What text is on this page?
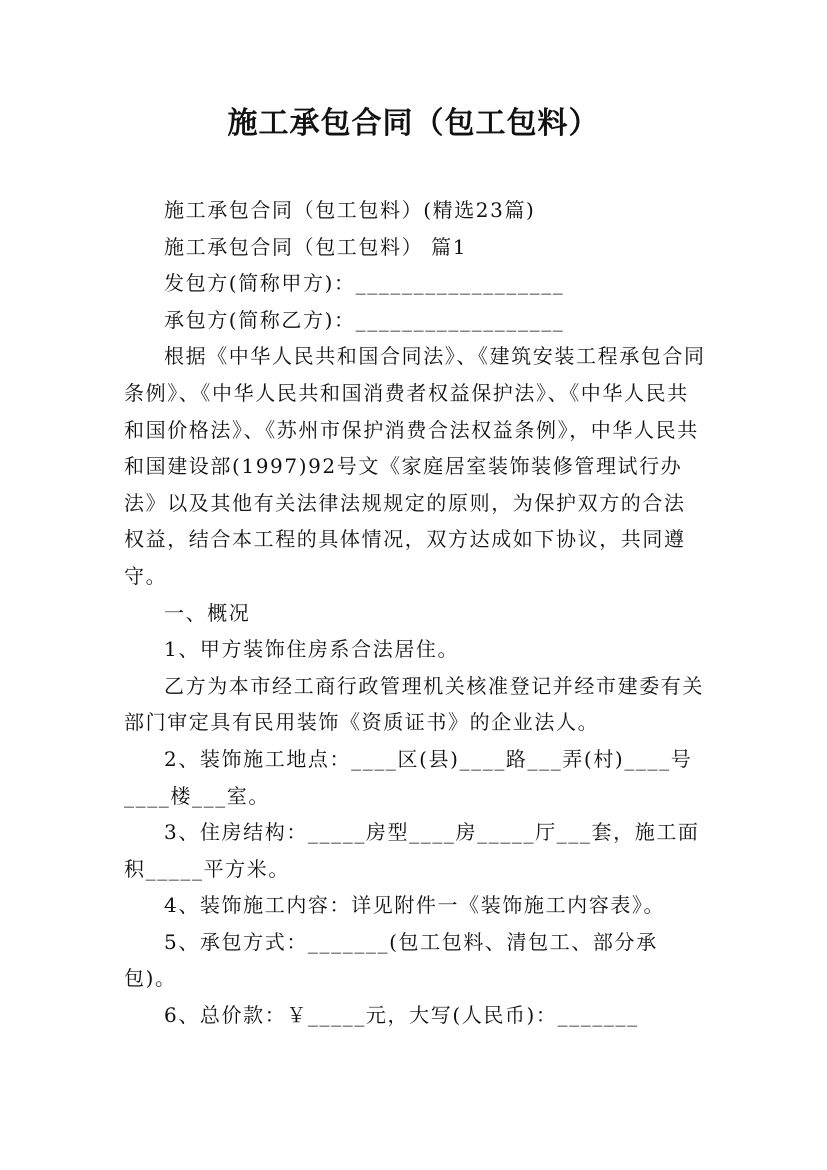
施工承包合同（包工包料）

施工承包合同（包工包料）(精选23篇)

施工承包合同（包工包料） 篇1

发包方(简称甲方)：__________________

承包方(简称乙方)：__________________

根据《中华人民共和国合同法》、《建筑安装工程承包合同条例》、《中华人民共和国消费者权益保护法》、《中华人民共和国价格法》、《苏州市保护消费合法权益条例》，中华人民共和国建设部(1997)92号文《家庭居室装饰装修管理试行办法》以及其他有关法律法规规定的原则，为保护双方的合法权益，结合本工程的具体情况，双方达成如下协议，共同遵守。

一、概况

1、甲方装饰住房系合法居住。

乙方为本市经工商行政管理机关核准登记并经市建委有关部门审定具有民用装饰《资质证书》的企业法人。

2、装饰施工地点：____区(县)____路___弄(村)____号____楼___室。

3、住房结构：_____房型____房_____厅___套，施工面积_____平方米。

4、装饰施工内容：详见附件一《装饰施工内容表》。

5、承包方式：_______(包工包料、清包工、部分承包)。

6、总价款：￥_____元，大写(人民币)：_______
